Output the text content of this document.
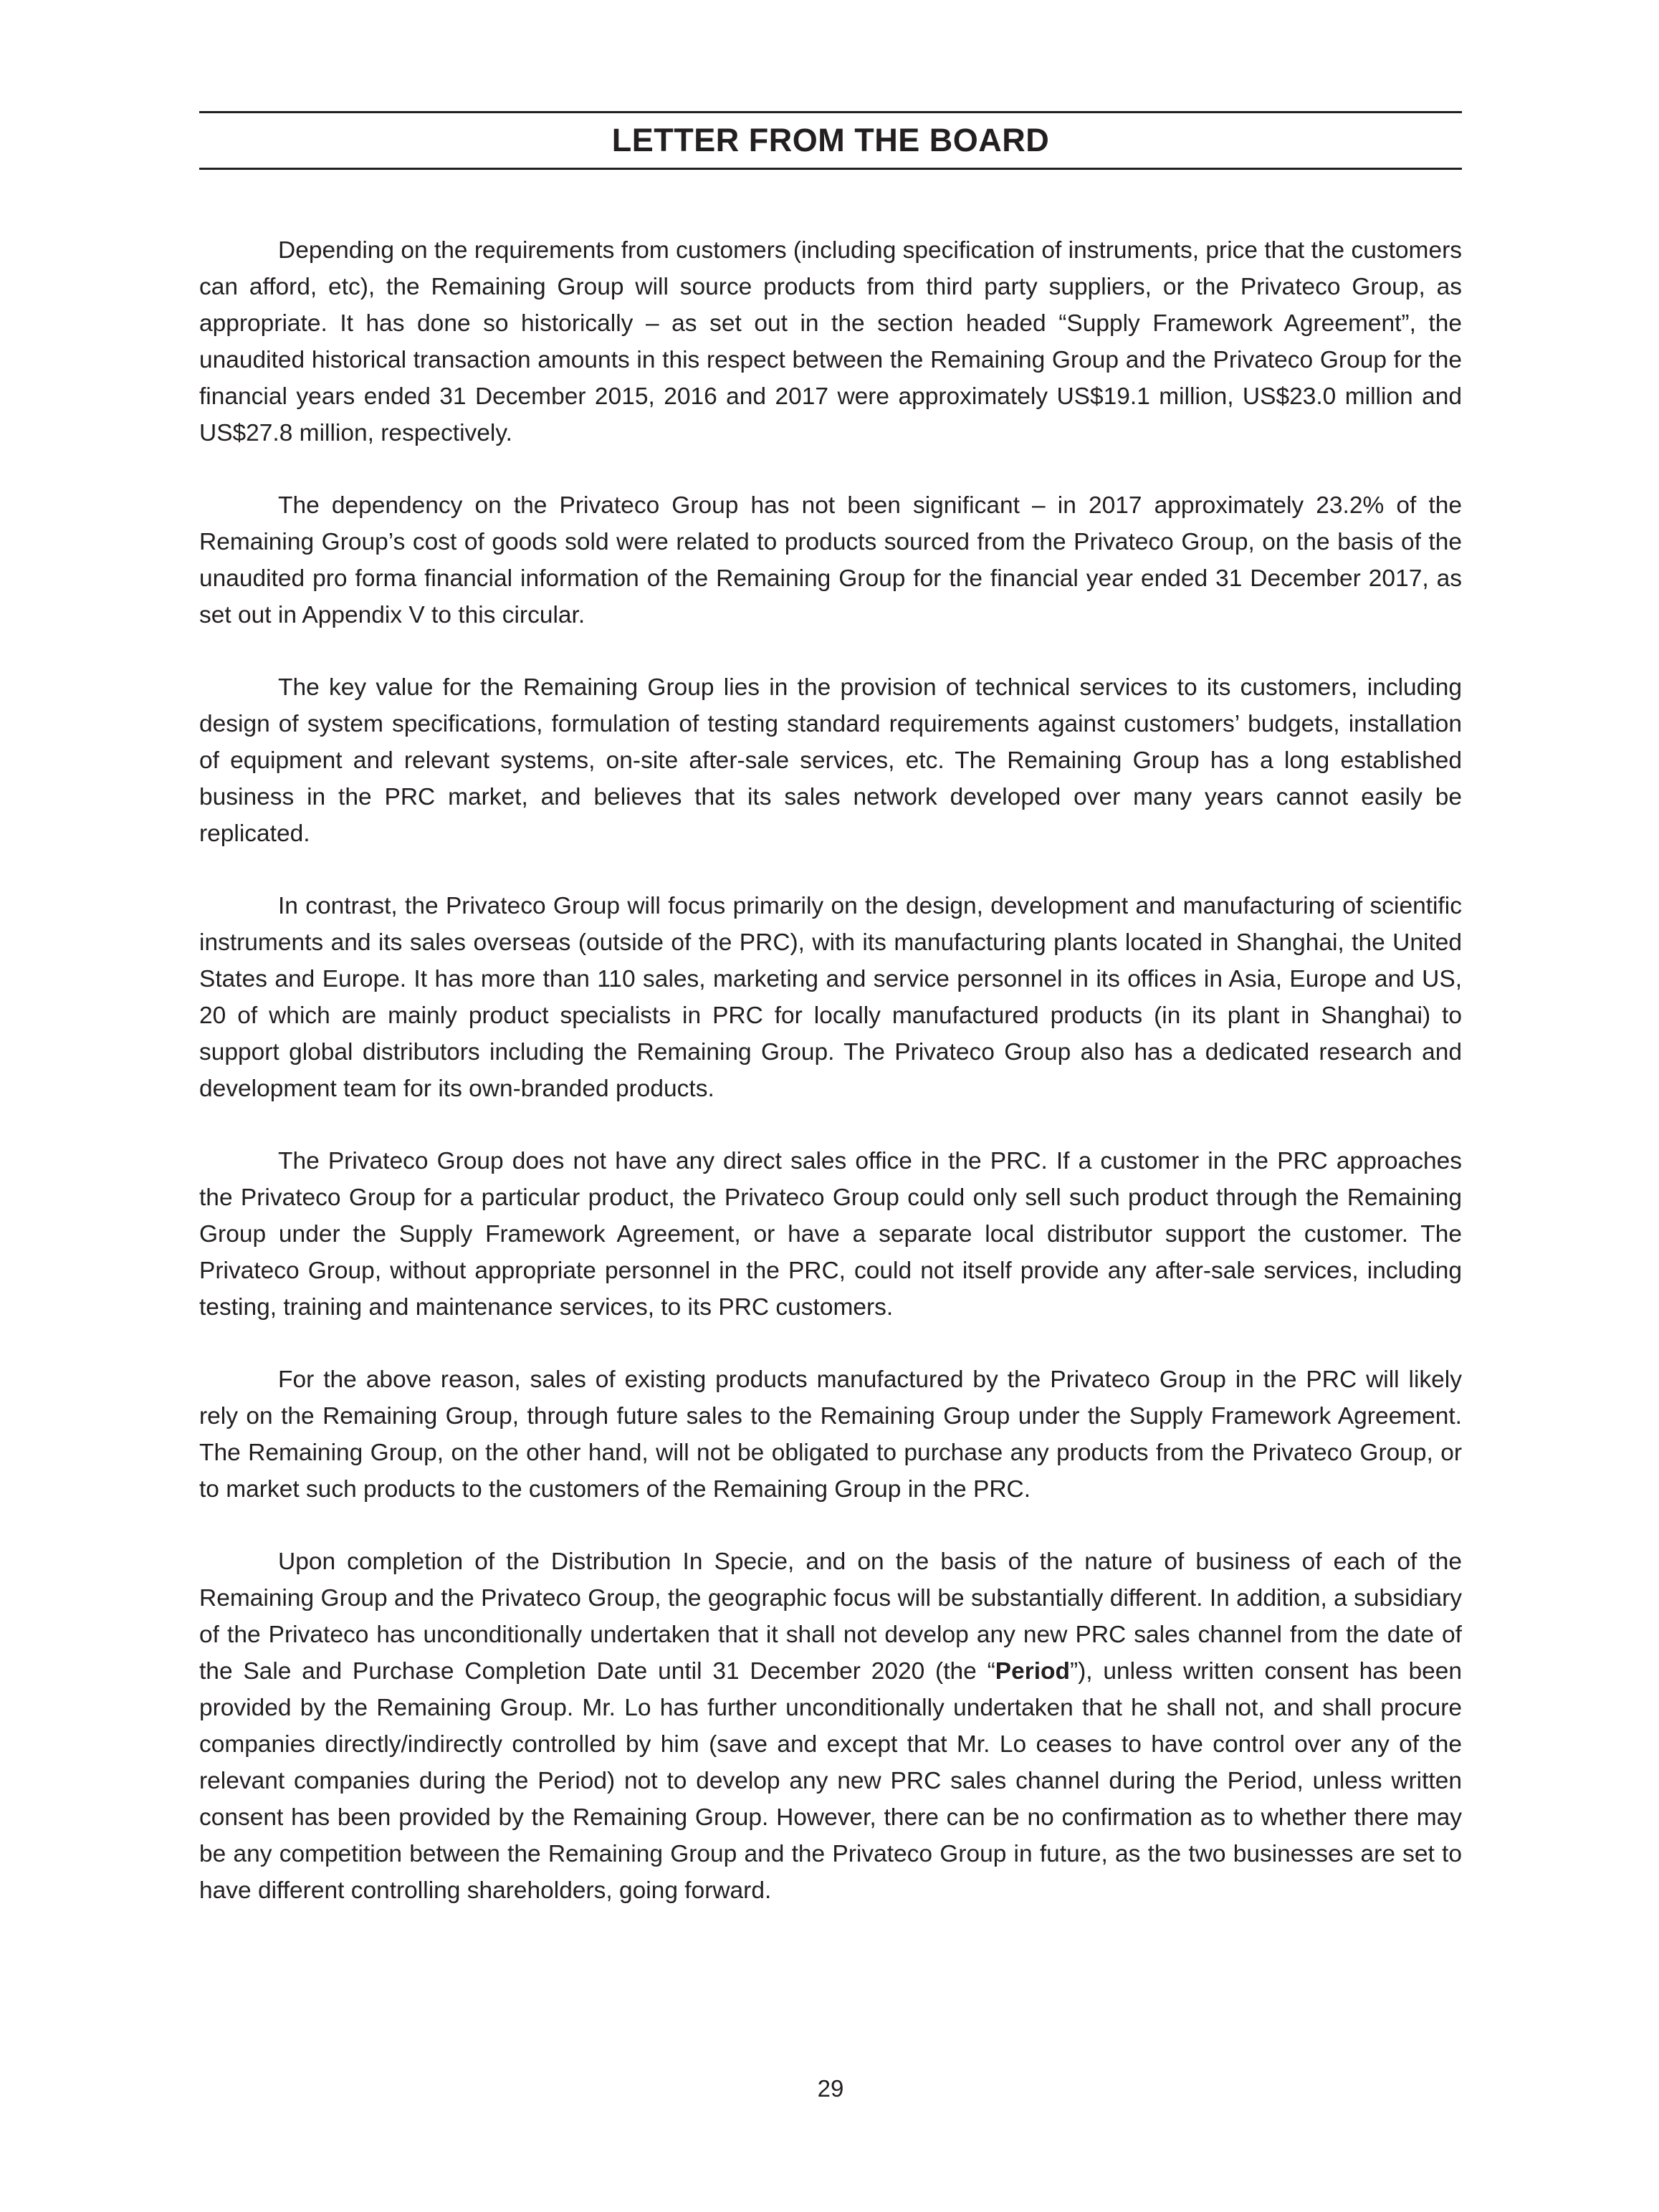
LETTER FROM THE BOARD

Depending on the requirements from customers (including specification of instruments, price that the customers can afford, etc), the Remaining Group will source products from third party suppliers, or the Privateco Group, as appropriate. It has done so historically – as set out in the section headed “Supply Framework Agreement”, the unaudited historical transaction amounts in this respect between the Remaining Group and the Privateco Group for the financial years ended 31 December 2015, 2016 and 2017 were approximately US$19.1 million, US$23.0 million and US$27.8 million, respectively.

The dependency on the Privateco Group has not been significant – in 2017 approximately 23.2% of the Remaining Group’s cost of goods sold were related to products sourced from the Privateco Group, on the basis of the unaudited pro forma financial information of the Remaining Group for the financial year ended 31 December 2017, as set out in Appendix V to this circular.

The key value for the Remaining Group lies in the provision of technical services to its customers, including design of system specifications, formulation of testing standard requirements against customers’ budgets, installation of equipment and relevant systems, on-site after-sale services, etc. The Remaining Group has a long established business in the PRC market, and believes that its sales network developed over many years cannot easily be replicated.

In contrast, the Privateco Group will focus primarily on the design, development and manufacturing of scientific instruments and its sales overseas (outside of the PRC), with its manufacturing plants located in Shanghai, the United States and Europe. It has more than 110 sales, marketing and service personnel in its offices in Asia, Europe and US, 20 of which are mainly product specialists in PRC for locally manufactured products (in its plant in Shanghai) to support global distributors including the Remaining Group. The Privateco Group also has a dedicated research and development team for its own-branded products.

The Privateco Group does not have any direct sales office in the PRC. If a customer in the PRC approaches the Privateco Group for a particular product, the Privateco Group could only sell such product through the Remaining Group under the Supply Framework Agreement, or have a separate local distributor support the customer. The Privateco Group, without appropriate personnel in the PRC, could not itself provide any after-sale services, including testing, training and maintenance services, to its PRC customers.

For the above reason, sales of existing products manufactured by the Privateco Group in the PRC will likely rely on the Remaining Group, through future sales to the Remaining Group under the Supply Framework Agreement. The Remaining Group, on the other hand, will not be obligated to purchase any products from the Privateco Group, or to market such products to the customers of the Remaining Group in the PRC.

Upon completion of the Distribution In Specie, and on the basis of the nature of business of each of the Remaining Group and the Privateco Group, the geographic focus will be substantially different. In addition, a subsidiary of the Privateco has unconditionally undertaken that it shall not develop any new PRC sales channel from the date of the Sale and Purchase Completion Date until 31 December 2020 (the “Period”), unless written consent has been provided by the Remaining Group. Mr. Lo has further unconditionally undertaken that he shall not, and shall procure companies directly/indirectly controlled by him (save and except that Mr. Lo ceases to have control over any of the relevant companies during the Period) not to develop any new PRC sales channel during the Period, unless written consent has been provided by the Remaining Group. However, there can be no confirmation as to whether there may be any competition between the Remaining Group and the Privateco Group in future, as the two businesses are set to have different controlling shareholders, going forward.

29
